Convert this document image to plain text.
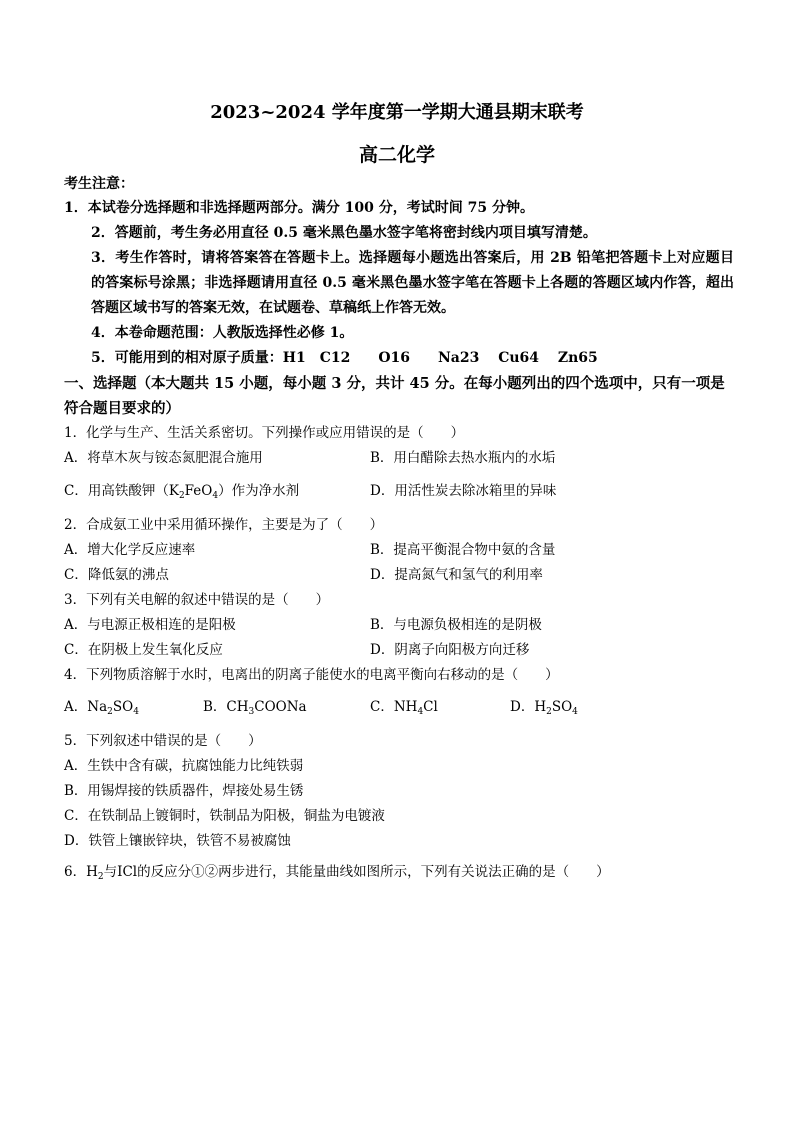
2023~2024 学年度第一学期大通县期末联考
高二化学
考生注意：
1．本试卷分选择题和非选择题两部分。满分 100 分，考试时间 75 分钟。
2．答题前，考生务必用直径 0.5 毫米黑色墨水签字笔将密封线内项目填写清楚。
3．考生作答时，请将答案答在答题卡上。选择题每小题选出答案后，用 2B 铅笔把答题卡上对应题目的答案标号涂黑；非选择题请用直径 0.5 毫米黑色墨水签字笔在答题卡上各题的答题区域内作答，超出答题区域书写的答案无效，在试题卷、草稿纸上作答无效。
4．本卷命题范围：人教版选择性必修 1。
5．可能用到的相对原子质量：H1　C12　　O16　　Na23　 Cu64　 Zn65
一、选择题（本大题共 15 小题，每小题 3 分，共计 45 分。在每小题列出的四个选项中，只有一项是符合题目要求的）
1．化学与生产、生活关系密切。下列操作或应用错误的是（　　）
A．将草木灰与铵态氮肥混合施用	B．用白醋除去热水瓶内的水垢
C．用高铁酸钾$(K_2FeO_4)$作为净水剂	D．用活性炭去除冰箱里的异味
2．合成氨工业中采用循环操作，主要是为了（　　）
A．增大化学反应速率	B．提高平衡混合物中氨的含量
C．降低氨的沸点	D．提高氮气和氢气的利用率
3．下列有关电解的叙述中错误的是（　　）
A．与电源正极相连的是阳极	B．与电源负极相连的是阴极
C．在阴极上发生氧化反应	D．阴离子向阳极方向迁移
4．下列物质溶解于水时，电离出的阴离子能使水的电离平衡向右移动的是（　　）
A．$Na_2SO_4$	B．$CH_3COONa$	C．$NH_4Cl$	D．$H_2SO_4$
5．下列叙述中错误的是（　　）
A．生铁中含有碳，抗腐蚀能力比纯铁弱
B．用锡焊接的铁质器件，焊接处易生锈
C．在铁制品上镀铜时，铁制品为阳极，铜盐为电镀液
D．铁管上镶嵌锌块，铁管不易被腐蚀
6．$H_2$与ICl的反应分①②两步进行，其能量曲线如图所示，下列有关说法正确的是（　　）
